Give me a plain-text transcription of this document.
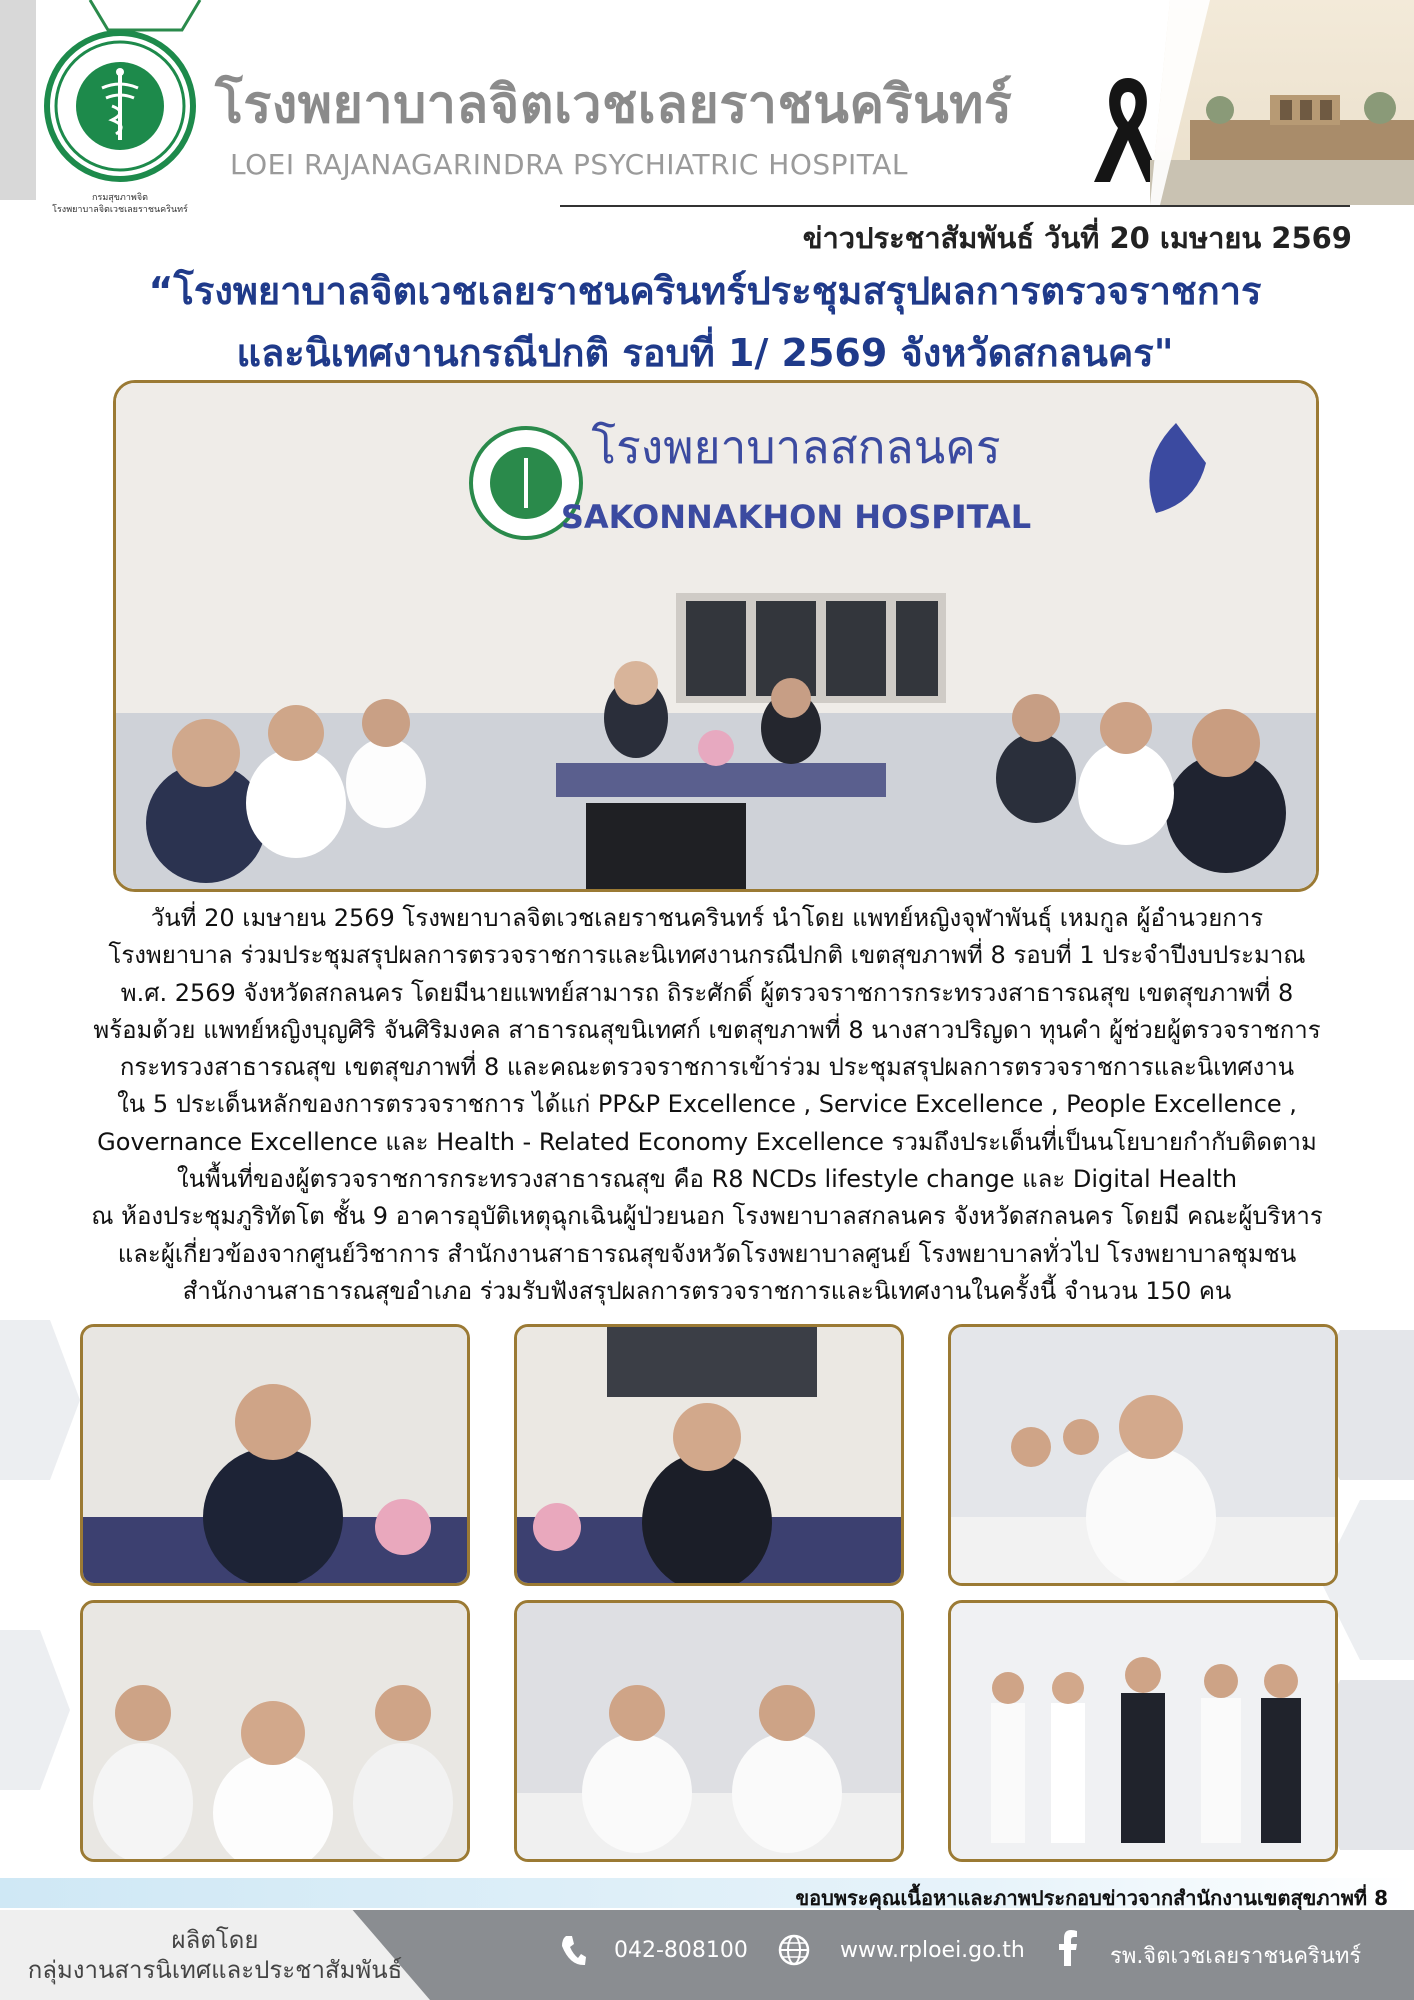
กรมสุขภาพจิต
โรงพยาบาลจิตเวชเลยราชนครินทร์
โรงพยาบาลจิตเวชเลยราชนครินทร์
LOEI RAJANAGARINDRA PSYCHIATRIC HOSPITAL
ข่าวประชาสัมพันธ์ วันที่ 20 เมษายน 2569
“โรงพยาบาลจิตเวชเลยราชนครินทร์ประชุมสรุปผลการตรวจราชการ
และนิเทศงานกรณีปกติ รอบที่ 1/ 2569 จังหวัดสกลนคร"
โรงพยาบาลสกลนคร
SAKONNAKHON HOSPITAL
วันที่ 20 เมษายน 2569 โรงพยาบาลจิตเวชเลยราชนครินทร์ นำโดย แพทย์หญิงจุฬาพันธุ์ เหมกูล ผู้อำนวยการ
โรงพยาบาล ร่วมประชุมสรุปผลการตรวจราชการและนิเทศงานกรณีปกติ เขตสุขภาพที่ 8 รอบที่ 1 ประจำปีงบประมาณ
พ.ศ. 2569 จังหวัดสกลนคร โดยมีนายแพทย์สามารถ ถิระศักดิ์ ผู้ตรวจราชการกระทรวงสาธารณสุข เขตสุขภาพที่ 8
พร้อมด้วย แพทย์หญิงบุญศิริ จันศิริมงคล สาธารณสุขนิเทศก์ เขตสุขภาพที่ 8 นางสาวปริญดา ทุนคำ ผู้ช่วยผู้ตรวจราชการ
กระทรวงสาธารณสุข เขตสุขภาพที่ 8 และคณะตรวจราชการเข้าร่วม ประชุมสรุปผลการตรวจราชการและนิเทศงาน
ใน 5 ประเด็นหลักของการตรวจราชการ ได้แก่ PP&P Excellence , Service Excellence , People Excellence ,
Governance Excellence และ Health - Related Economy Excellence รวมถึงประเด็นที่เป็นนโยบายกำกับติดตาม
ในพื้นที่ของผู้ตรวจราชการกระทรวงสาธารณสุข คือ R8 NCDs lifestyle change และ Digital Health
ณ ห้องประชุมภูริทัตโต ชั้น 9 อาคารอุบัติเหตุฉุกเฉินผู้ป่วยนอก โรงพยาบาลสกลนคร จังหวัดสกลนคร โดยมี คณะผู้บริหาร
และผู้เกี่ยวข้องจากศูนย์วิชาการ สำนักงานสาธารณสุขจังหวัดโรงพยาบาลศูนย์ โรงพยาบาลทั่วไป โรงพยาบาลชุมชน
สำนักงานสาธารณสุขอำเภอ ร่วมรับฟังสรุปผลการตรวจราชการและนิเทศงานในครั้งนี้ จำนวน 150 คน
ขอบพระคุณเนื้อหาและภาพประกอบข่าวจากสำนักงานเขตสุขภาพที่ 8
ผลิตโดย
กลุ่มงานสารนิเทศและประชาสัมพันธ์
042-808100	www.rploei.go.th	รพ.จิตเวชเลยราชนครินทร์
